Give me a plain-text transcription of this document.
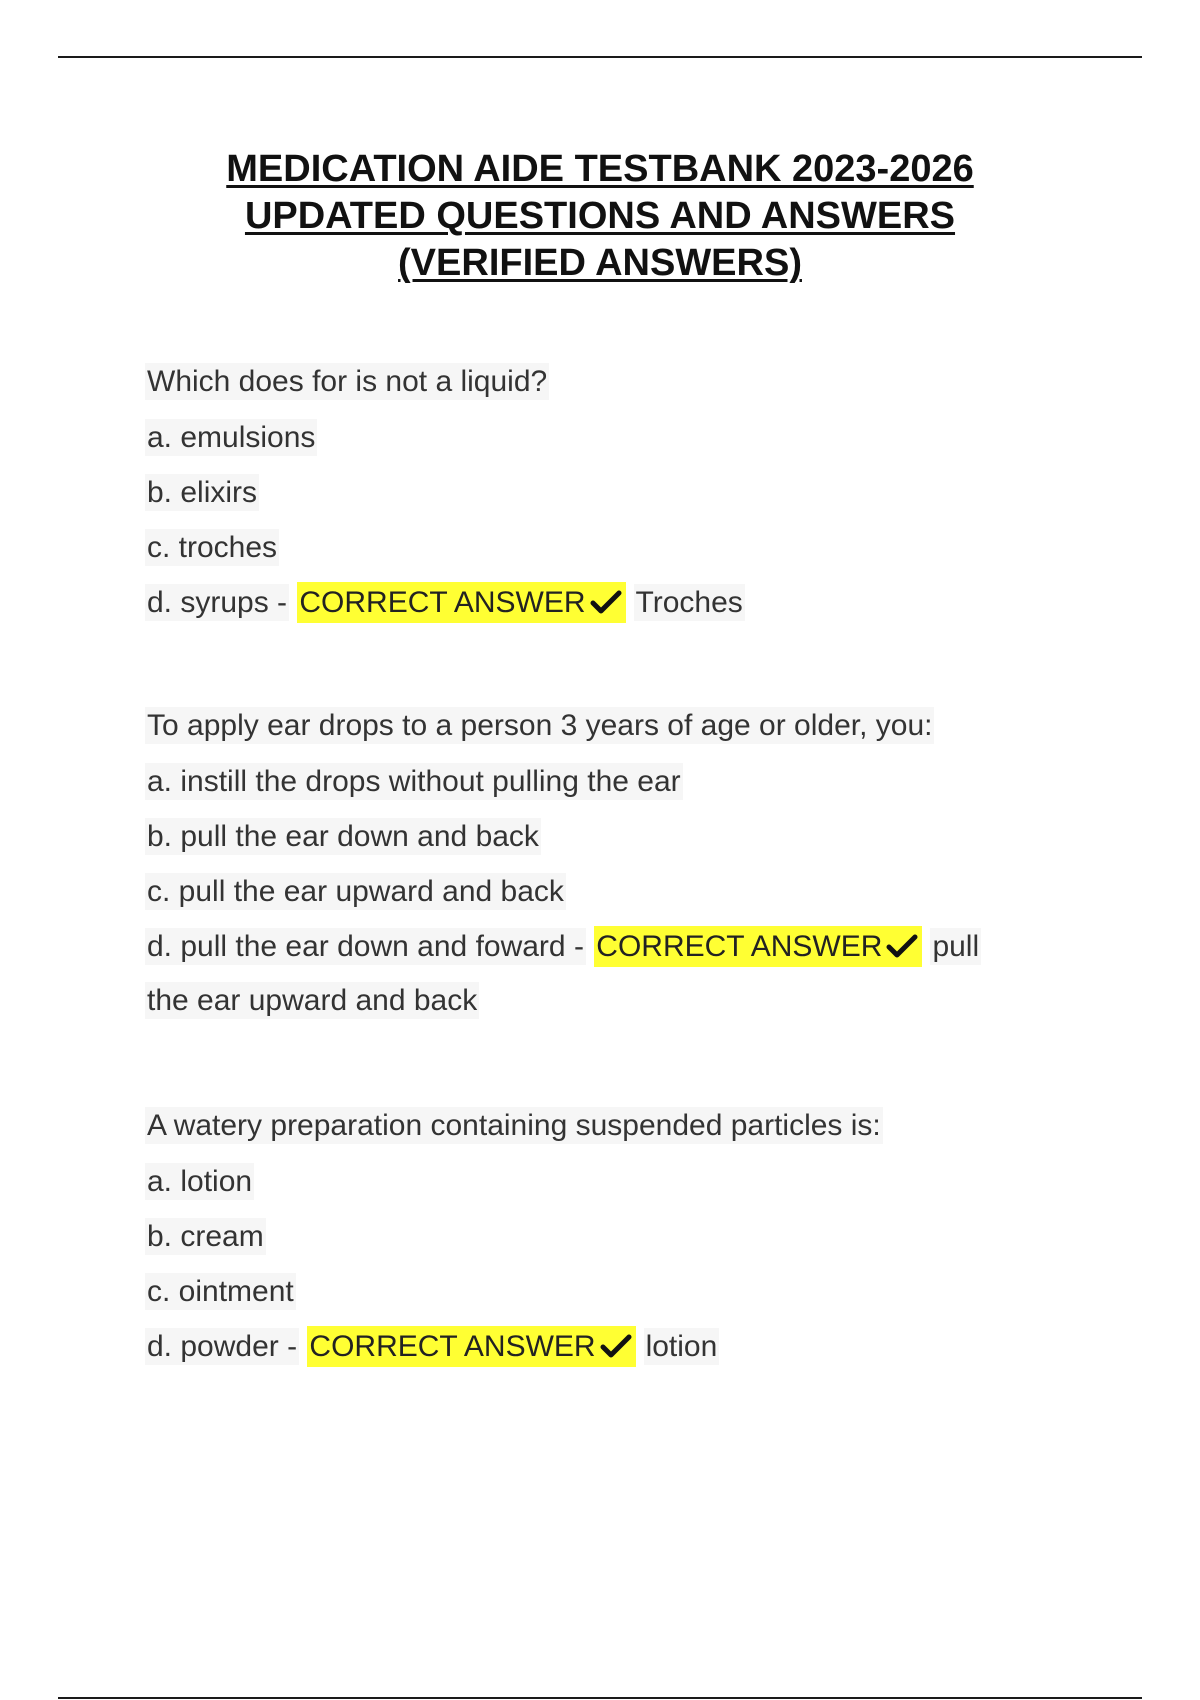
MEDICATION AIDE TESTBANK 2023-2026
UPDATED QUESTIONS AND ANSWERS
(VERIFIED ANSWERS)
Which does for is not a liquid?
a. emulsions
b. elixirs
c. troches
d. syrups - CORRECT ANSWER Troches
To apply ear drops to a person 3 years of age or older, you:
a. instill the drops without pulling the ear
b. pull the ear down and back
c. pull the ear upward and back
d. pull the ear down and foward - CORRECT ANSWER pull
the ear upward and back
A watery preparation containing suspended particles is:
a. lotion
b. cream
c. ointment
d. powder - CORRECT ANSWER lotion
